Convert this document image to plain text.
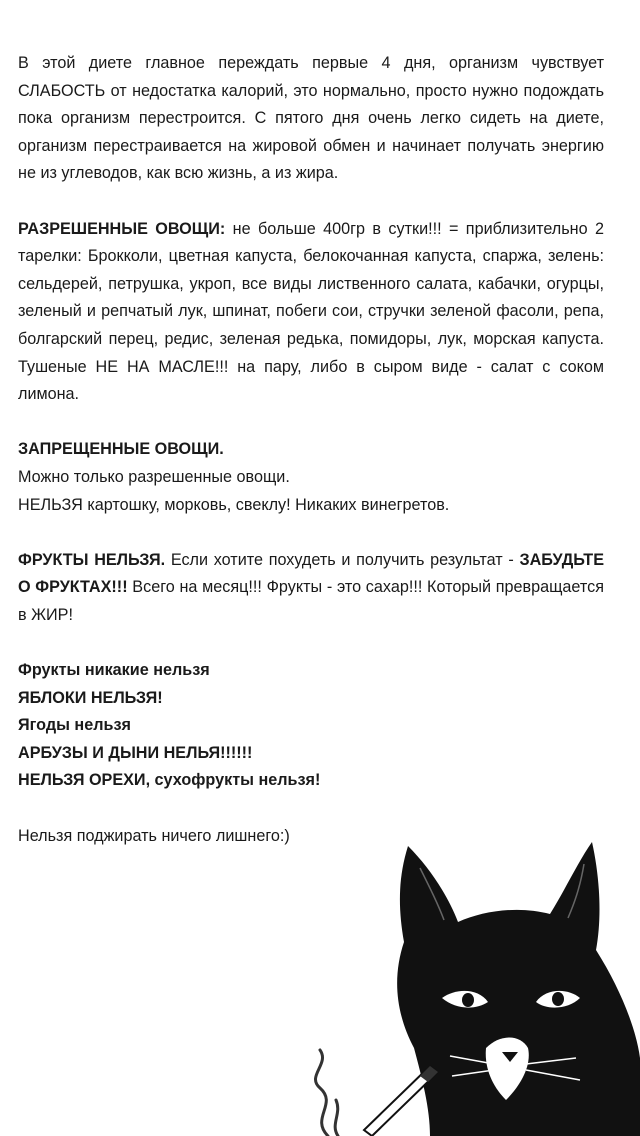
В этой диете главное переждать первые 4 дня, организм чувствует СЛАБОСТЬ от недостатка калорий, это нормально, просто нужно подождать пока организм перестроится. С пятого дня очень легко сидеть на диете, организм перестраивается на жировой обмен и начинает получать энергию не из углеводов, как всю жизнь, а из жира.

РАЗРЕШЕННЫЕ ОВОЩИ: не больше 400гр в сутки!!! = приблизительно 2 тарелки: Брокколи, цветная капуста, белокочанная капуста, спаржа, зелень: сельдерей, петрушка, укроп, все виды лиственного салата, кабачки, огурцы, зеленый и репчатый лук, шпинат, побеги сои, стручки зеленой фасоли, репа, болгарский перец, редис, зеленая редька, помидоры, лук, морская капуста. Тушеные НЕ НА МАСЛЕ!!! на пару, либо в сыром виде - салат с соком лимона.

ЗАПРЕЩЕННЫЕ ОВОЩИ.
Можно только разрешенные овощи.
НЕЛЬЗЯ картошку, морковь, свеклу! Никаких винегретов.

ФРУКТЫ НЕЛЬЗЯ. Если хотите похудеть и получить результат - ЗАБУДЬТЕ О ФРУКТАХ!!! Всего на месяц!!! Фрукты - это сахар!!! Который превращается в ЖИР!

Фрукты никакие нельзя
ЯБЛОКИ НЕЛЬЗЯ!
Ягоды нельзя
АРБУЗЫ И ДЫНИ НЕЛЬЯ!!!!!!
НЕЛЬЗЯ ОРЕХИ, сухофрукты нельзя!

Нельзя поджирать ничего лишнего:)
